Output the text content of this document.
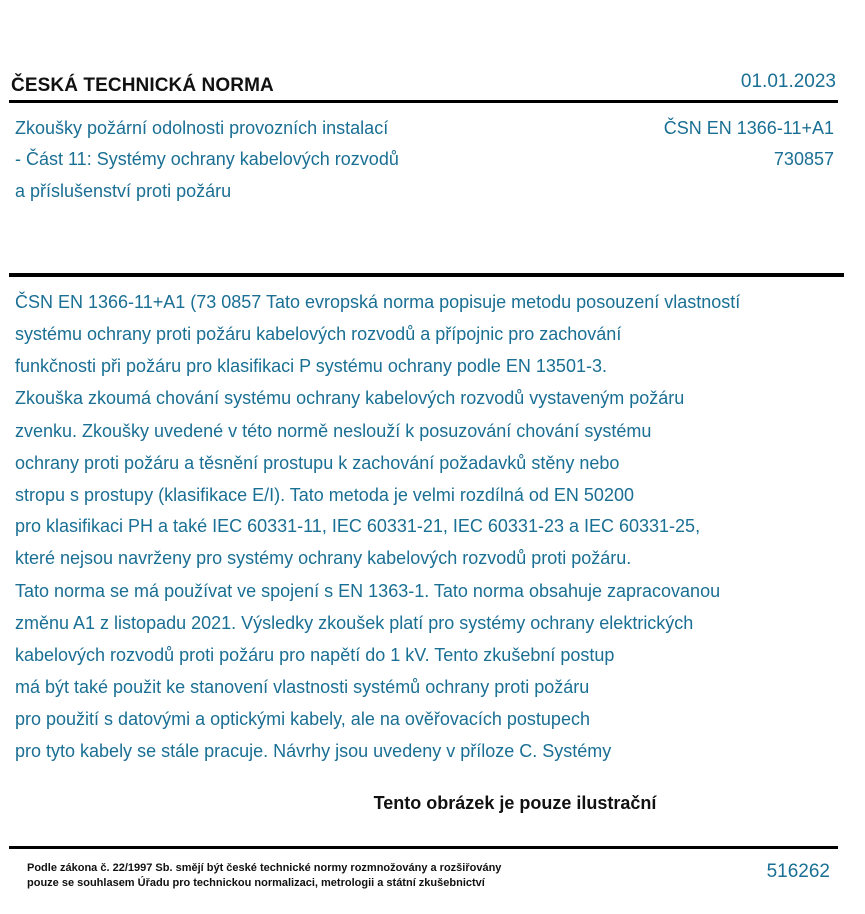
ČESKÁ TECHNICKÁ NORMA	01.01.2023
Zkoušky požární odolnosti provozních instalací
- Část 11: Systémy ochrany kabelových rozvodů
a příslušenství proti požáru
ČSN EN 1366-11+A1
730857
ČSN EN 1366-11+A1 (73 0857 Tato evropská norma popisuje metodu posouzení vlastností
systému ochrany proti požáru kabelových rozvodů a přípojnic pro zachování
funkčnosti při požáru pro klasifikaci P systému ochrany podle EN 13501-3.
Zkouška zkoumá chování systému ochrany kabelových rozvodů vystaveným požáru
zvenku. Zkoušky uvedené v této normě neslouží k posuzování chování systému
ochrany proti požáru a těsnění prostupu k zachování požadavků stěny nebo
stropu s prostupy (klasifikace E/I). Tato metoda je velmi rozdílná od EN 50200
pro klasifikaci PH a také IEC 60331-11, IEC 60331-21, IEC 60331-23 a IEC 60331-25,
které nejsou navrženy pro systémy ochrany kabelových rozvodů proti požáru.
Tato norma se má používat ve spojení s EN 1363-1. Tato norma obsahuje zapracovanou
změnu A1 z listopadu 2021. Výsledky zkoušek platí pro systémy ochrany elektrických
kabelových rozvodů proti požáru pro napětí do 1 kV. Tento zkušební postup
má být také použit ke stanovení vlastnosti systémů ochrany proti požáru
pro použití s datovými a optickými kabely, ale na ověřovacích postupech
pro tyto kabely se stále pracuje. Návrhy jsou uvedeny v příloze C. Systémy
Tento obrázek je pouze ilustrační
Podle zákona č. 22/1997 Sb. smějí být české technické normy rozmnožovány a rozšiřovány
pouze se souhlasem Úřadu pro technickou normalizaci, metrologii a státní zkušebnictví
516262
